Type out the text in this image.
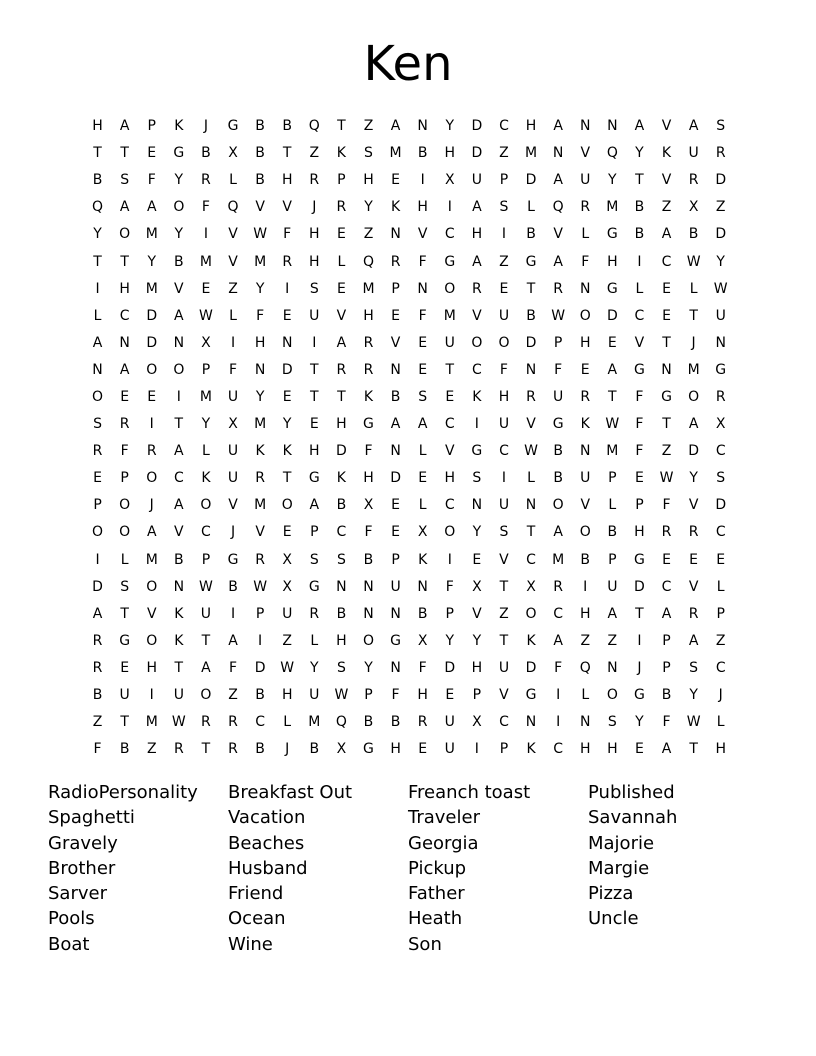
Ken
H	A	P	K	J	G	B	B	Q	T	Z	A	N	Y	D	C	H	A	N	N	A	V	A	S
T	T	E	G	B	X	B	T	Z	K	S	M	B	H	D	Z	M	N	V	Q	Y	K	U	R
B	S	F	Y	R	L	B	H	R	P	H	E	I	X	U	P	D	A	U	Y	T	V	R	D
Q	A	A	O	F	Q	V	V	J	R	Y	K	H	I	A	S	L	Q	R	M	B	Z	X	Z
Y	O	M	Y	I	V	W	F	H	E	Z	N	V	C	H	I	B	V	L	G	B	A	B	D
T	T	Y	B	M	V	M	R	H	L	Q	R	F	G	A	Z	G	A	F	H	I	C	W	Y
I	H	M	V	E	Z	Y	I	S	E	M	P	N	O	R	E	T	R	N	G	L	E	L	W
L	C	D	A	W	L	F	E	U	V	H	E	F	M	V	U	B	W	O	D	C	E	T	U
A	N	D	N	X	I	H	N	I	A	R	V	E	U	O	O	D	P	H	E	V	T	J	N
N	A	O	O	P	F	N	D	T	R	R	N	E	T	C	F	N	F	E	A	G	N	M	G
O	E	E	I	M	U	Y	E	T	T	K	B	S	E	K	H	R	U	R	T	F	G	O	R
S	R	I	T	Y	X	M	Y	E	H	G	A	A	C	I	U	V	G	K	W	F	T	A	X
R	F	R	A	L	U	K	K	H	D	F	N	L	V	G	C	W	B	N	M	F	Z	D	C
E	P	O	C	K	U	R	T	G	K	H	D	E	H	S	I	L	B	U	P	E	W	Y	S
P	O	J	A	O	V	M	O	A	B	X	E	L	C	N	U	N	O	V	L	P	F	V	D
O	O	A	V	C	J	V	E	P	C	F	E	X	O	Y	S	T	A	O	B	H	R	R	C
I	L	M	B	P	G	R	X	S	S	B	P	K	I	E	V	C	M	B	P	G	E	E	E
D	S	O	N	W	B	W	X	G	N	N	U	N	F	X	T	X	R	I	U	D	C	V	L
A	T	V	K	U	I	P	U	R	B	N	N	B	P	V	Z	O	C	H	A	T	A	R	P
R	G	O	K	T	A	I	Z	L	H	O	G	X	Y	Y	T	K	A	Z	Z	I	P	A	Z
R	E	H	T	A	F	D	W	Y	S	Y	N	F	D	H	U	D	F	Q	N	J	P	S	C
B	U	I	U	O	Z	B	H	U	W	P	F	H	E	P	V	G	I	L	O	G	B	Y	J
Z	T	M	W	R	R	C	L	M	Q	B	B	R	U	X	C	N	I	N	S	Y	F	W	L
F	B	Z	R	T	R	B	J	B	X	G	H	E	U	I	P	K	C	H	H	E	A	T	H
RadioPersonality
Spaghetti
Gravely
Brother
Sarver
Pools
Boat
Breakfast Out
Vacation
Beaches
Husband
Friend
Ocean
Wine
Freanch toast
Traveler
Georgia
Pickup
Father
Heath
Son
Published
Savannah
Majorie
Margie
Pizza
Uncle
